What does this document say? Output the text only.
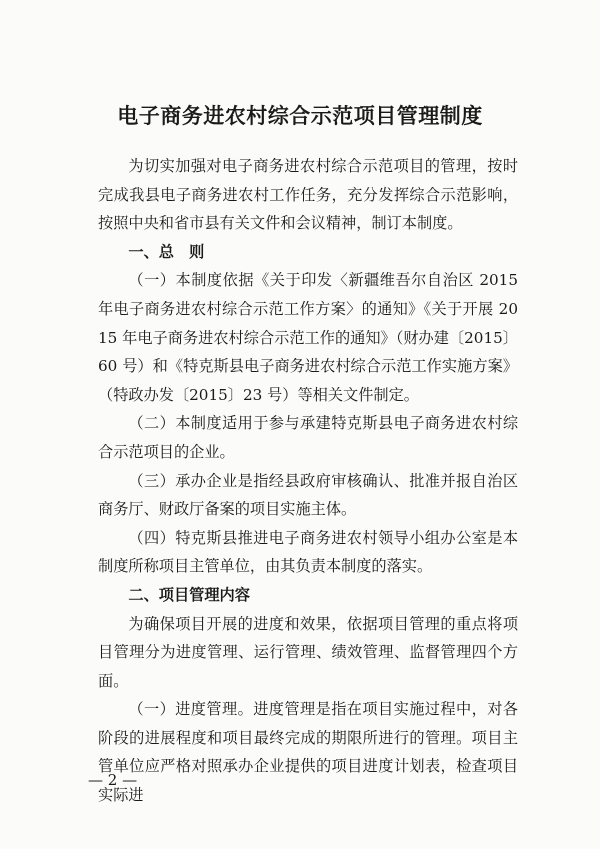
电子商务进农村综合示范项目管理制度

为切实加强对电子商务进农村综合示范项目的管理，按时完成我县电子商务进农村工作任务，充分发挥综合示范影响，按照中央和省市县有关文件和会议精神，制订本制度。

一、总　则

（一）本制度依据《关于印发〈新疆维吾尔自治区 2015 年电子商务进农村综合示范工作方案〉的通知》《关于开展 2015 年电子商务进农村综合示范工作的通知》（财办建〔2015〕60 号）和《特克斯县电子商务进农村综合示范工作实施方案》（特政办发〔2015〕23 号）等相关文件制定。

（二）本制度适用于参与承建特克斯县电子商务进农村综合示范项目的企业。

（三）承办企业是指经县政府审核确认、批准并报自治区商务厅、财政厅备案的项目实施主体。

（四）特克斯县推进电子商务进农村领导小组办公室是本制度所称项目主管单位，由其负责本制度的落实。

二、项目管理内容

为确保项目开展的进度和效果，依据项目管理的重点将项目管理分为进度管理、运行管理、绩效管理、监督管理四个方面。

（一）进度管理。进度管理是指在项目实施过程中，对各阶段的进展程度和项目最终完成的期限所进行的管理。项目主管单位应严格对照承办企业提供的项目进度计划表，检查项目实际进

— 2 —
